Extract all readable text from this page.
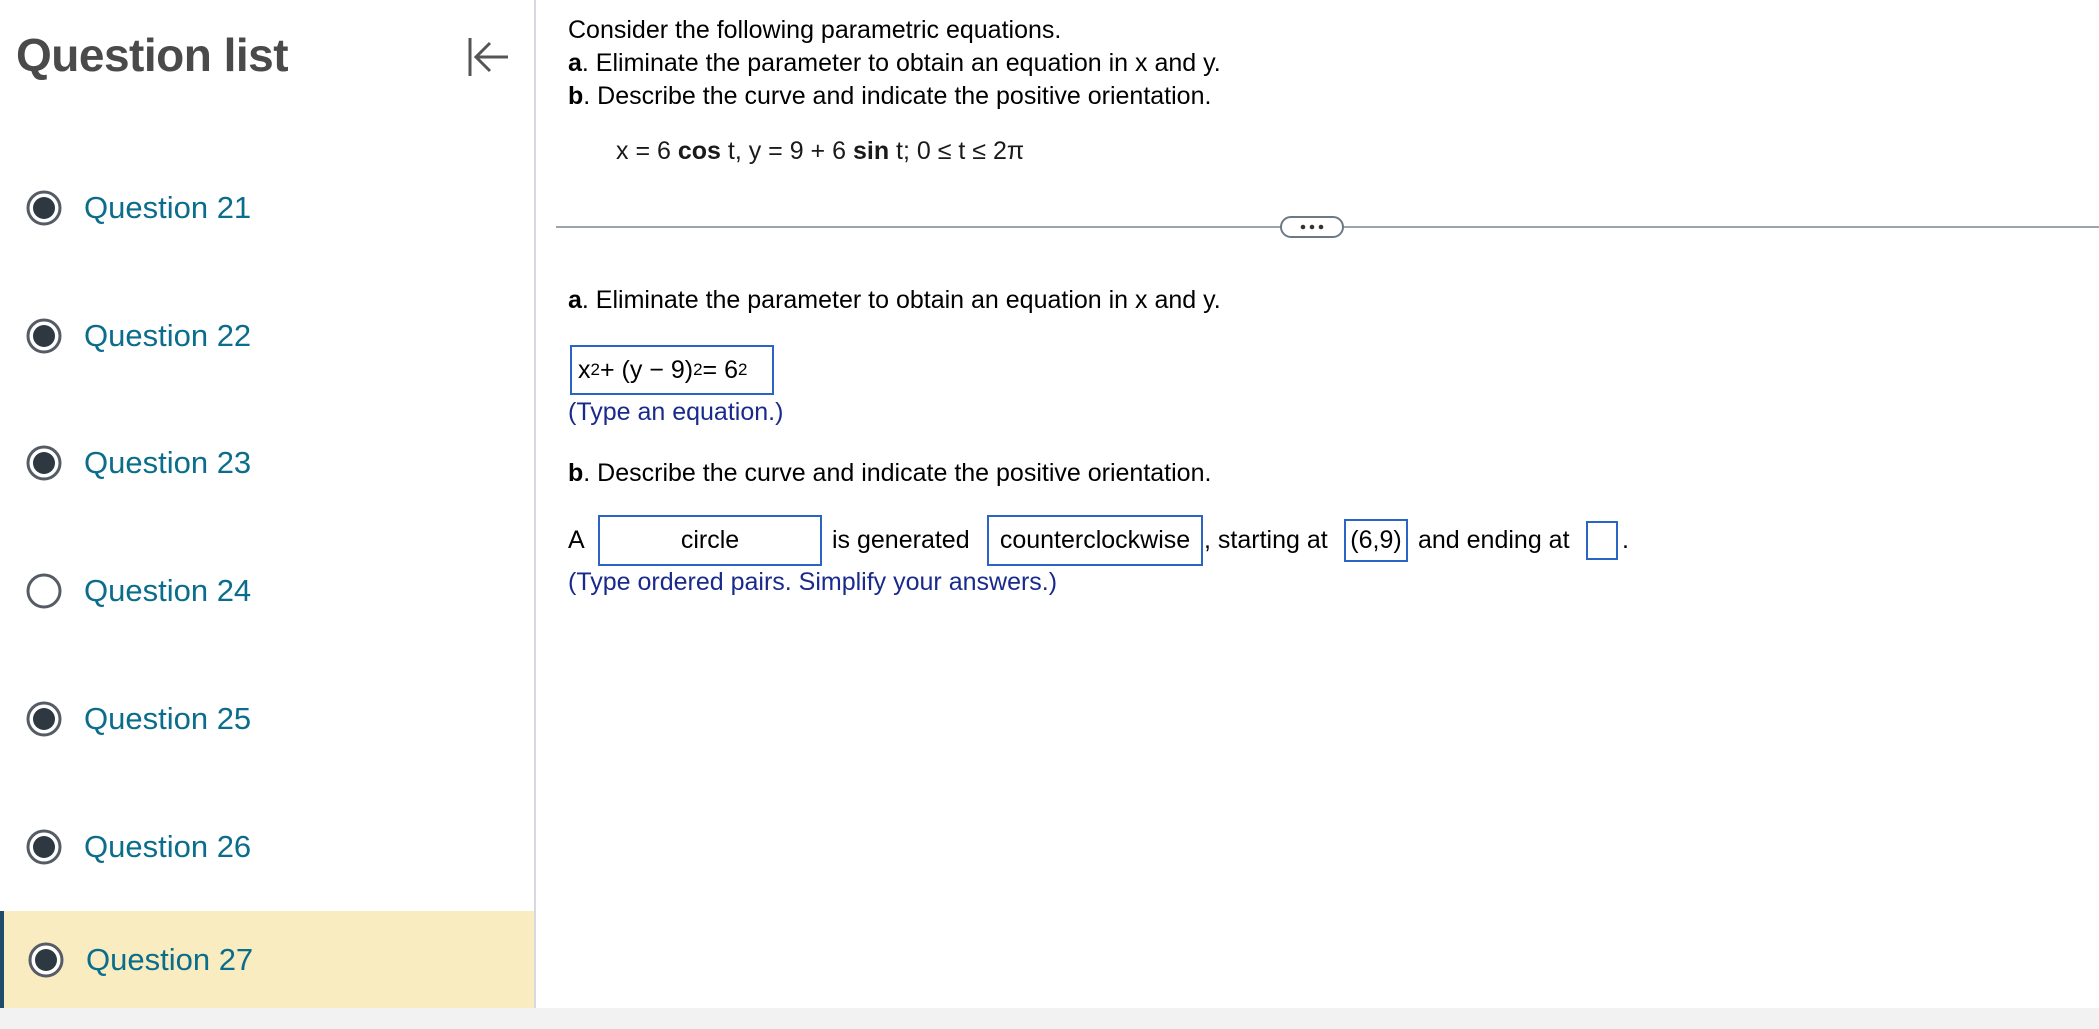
Question list
Question 21
Question 22
Question 23
Question 24
Question 25
Question 26
Question 27
Consider the following parametric equations.
a. Eliminate the parameter to obtain an equation in x and y.
b. Describe the curve and indicate the positive orientation.
x = 6 cos t, y = 9 + 6 sin t; 0 ≤ t ≤ 2π
a. Eliminate the parameter to obtain an equation in x and y.
x 2 + (y − 9) 2 = 6 2
(Type an equation.)
b. Describe the curve and indicate the positive orientation.
A	circle	is generated	counterclockwise , starting at (6,9) and ending at .
(Type ordered pairs. Simplify your answers.)
